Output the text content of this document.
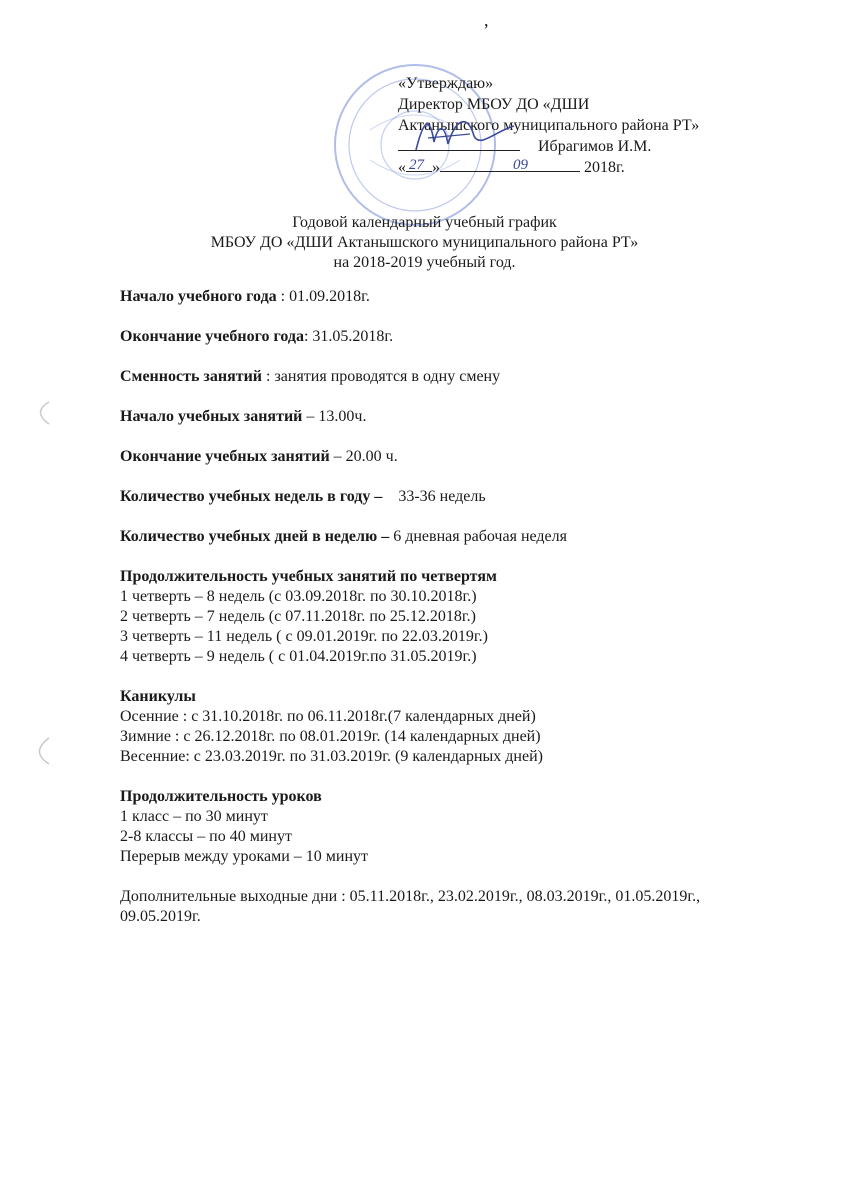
,
«Утверждаю»
Директор МБОУ ДО «ДШИ
Актанышского муниципального района РТ»
Ибрагимов И.М.
« »	2018г.
27	09
Годовой календарный учебный график
МБОУ ДО «ДШИ Актанышского муниципального района РТ»
на 2018-2019 учебный год.

Начало учебного года : 01.09.2018г.

Окончание учебного года: 31.05.2018г.

Сменность занятий : занятия проводятся в одну смену

Начало учебных занятий – 13.00ч.

Окончание учебных занятий – 20.00 ч.

Количество учебных недель в году –    33-36 недель

Количество учебных дней в неделю – 6 дневная рабочая неделя

Продолжительность учебных занятий по четвертям

1 четверть – 8 недель (с 03.09.2018г. по 30.10.2018г.)

2 четверть – 7 недель (с 07.11.2018г. по 25.12.2018г.)

3 четверть – 11 недель ( с 09.01.2019г. по 22.03.2019г.)

4 четверть – 9 недель ( с 01.04.2019г.по 31.05.2019г.)

Каникулы

Осенние : с 31.10.2018г. по 06.11.2018г.(7 календарных дней)

Зимние : с 26.12.2018г. по 08.01.2019г. (14 календарных дней)

Весенние: с 23.03.2019г. по 31.03.2019г. (9 календарных дней)

Продолжительность уроков

1 класс – по 30 минут

2-8 классы – по 40 минут

Перерыв между уроками – 10 минут

Дополнительные выходные дни : 05.11.2018г., 23.02.2019г., 08.03.2019г., 01.05.2019г., 09.05.2019г.
